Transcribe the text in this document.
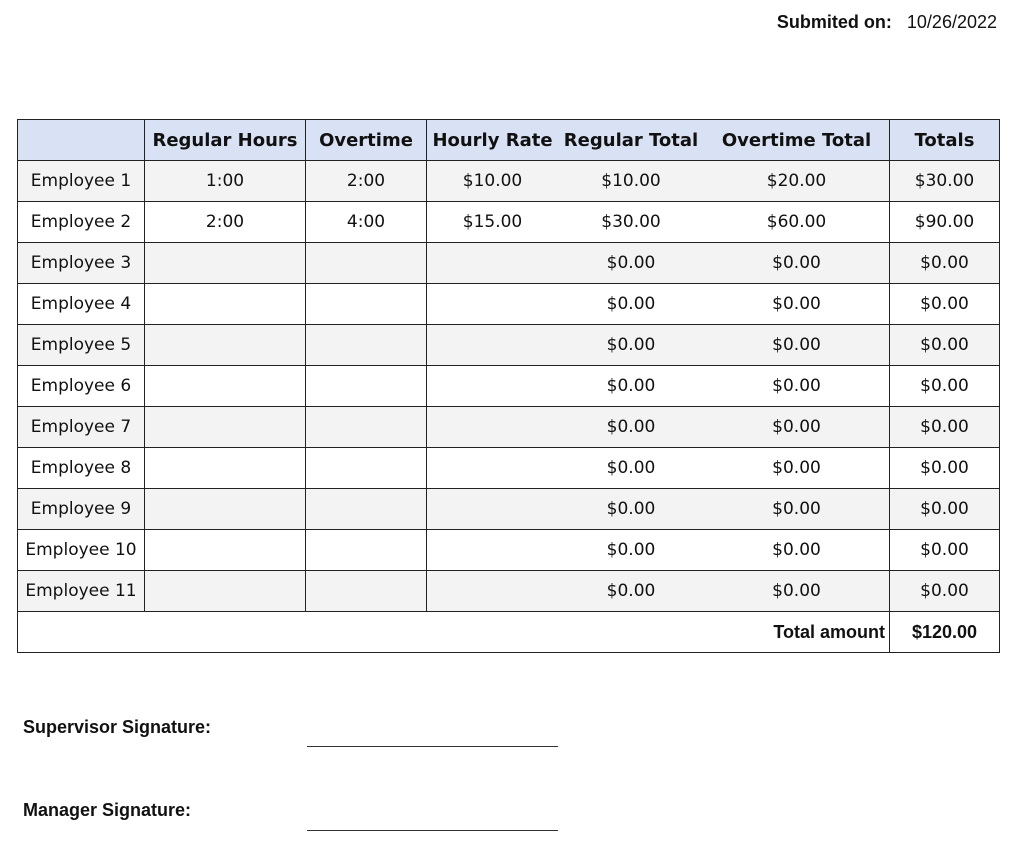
Submited on: 10/26/2022
	Regular Hours	Overtime	Hourly Rate	Regular Total	Overtime Total	Totals
Employee 1	1:00	2:00	$10.00	$10.00	$20.00	$30.00
Employee 2	2:00	4:00	$15.00	$30.00	$60.00	$90.00
Employee 3				$0.00	$0.00	$0.00
Employee 4				$0.00	$0.00	$0.00
Employee 5				$0.00	$0.00	$0.00
Employee 6				$0.00	$0.00	$0.00
Employee 7				$0.00	$0.00	$0.00
Employee 8				$0.00	$0.00	$0.00
Employee 9				$0.00	$0.00	$0.00
Employee 10				$0.00	$0.00	$0.00
Employee 11				$0.00	$0.00	$0.00
Total amount						$120.00
Supervisor Signature:
Manager Signature:
